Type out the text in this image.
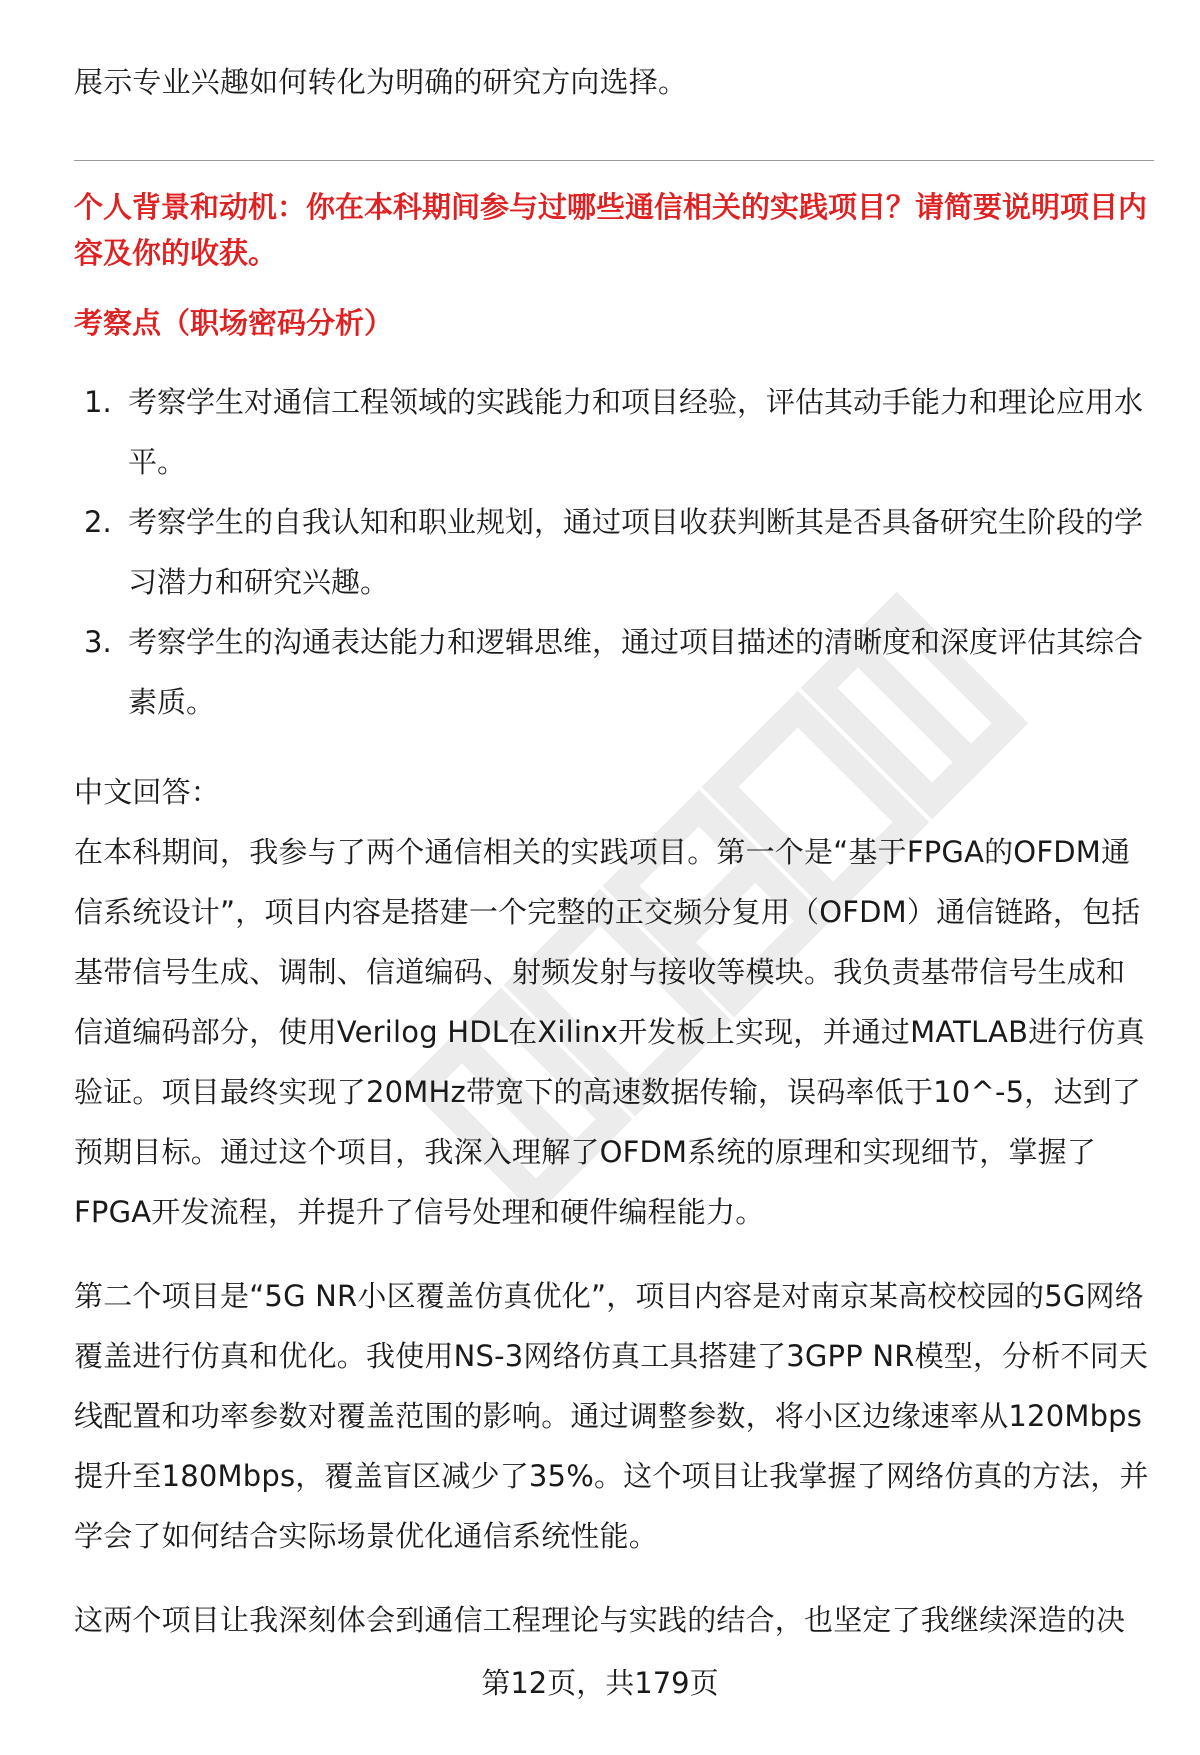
展示专业兴趣如何转化为明确的研究方向选择。
个人背景和动机：你在本科期间参与过哪些通信相关的实践项目？请简要说明项目内容及你的收获。
考察点（职场密码分析）
1. 考察学生对通信工程领域的实践能力和项目经验，评估其动手能力和理论应用水平。
2. 考察学生的自我认知和职业规划，通过项目收获判断其是否具备研究生阶段的学习潜力和研究兴趣。
3. 考察学生的沟通表达能力和逻辑思维，通过项目描述的清晰度和深度评估其综合素质。
中文回答：
在本科期间，我参与了两个通信相关的实践项目。第一个是“基于FPGA的OFDM通信系统设计”，项目内容是搭建一个完整的正交频分复用（OFDM）通信链路，包括基带信号生成、调制、信道编码、射频发射与接收等模块。我负责基带信号生成和信道编码部分，使用Verilog HDL在Xilinx开发板上实现，并通过MATLAB进行仿真验证。项目最终实现了20MHz带宽下的高速数据传输，误码率低于10^-5，达到了预期目标。通过这个项目，我深入理解了OFDM系统的原理和实现细节，掌握了FPGA开发流程，并提升了信号处理和硬件编程能力。
第二个项目是“5G NR小区覆盖仿真优化”，项目内容是对南京某高校校园的5G网络覆盖进行仿真和优化。我使用NS-3网络仿真工具搭建了3GPP NR模型，分析不同天线配置和功率参数对覆盖范围的影响。通过调整参数，将小区边缘速率从120Mbps提升至180Mbps，覆盖盲区减少了35%。这个项目让我掌握了网络仿真的方法，并学会了如何结合实际场景优化通信系统性能。
这两个项目让我深刻体会到通信工程理论与实践的结合，也坚定了我继续深造的决
第12页，共179页
